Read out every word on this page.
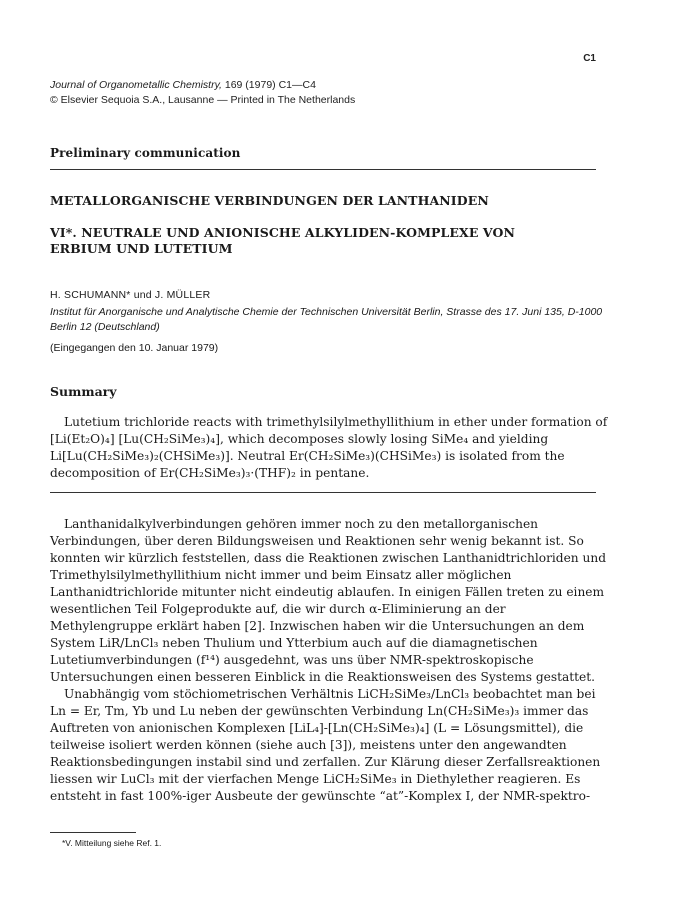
C1
Journal of Organometallic Chemistry, 169 (1979) C1—C4
© Elsevier Sequoia S.A., Lausanne — Printed in The Netherlands
Preliminary communication
METALLORGANISCHE VERBINDUNGEN DER LANTHANIDEN
VI*. NEUTRALE UND ANIONISCHE ALKYLIDEN-KOMPLEXE VON ERBIUM UND LUTETIUM
H. SCHUMANN* und J. MÜLLER
Institut für Anorganische und Analytische Chemie der Technischen Universität Berlin, Strasse des 17. Juni 135, D-1000 Berlin 12 (Deutschland)
(Eingegangen den 10. Januar 1979)
Summary
Lutetium trichloride reacts with trimethylsilylmethyllithium in ether under formation of [Li(Et₂O)₄] [Lu(CH₂SiMe₃)₄], which decomposes slowly losing SiMe₄ and yielding Li[Lu(CH₂SiMe₃)₂(CHSiMe₃)]. Neutral Er(CH₂SiMe₃)(CHSiMe₃) is isolated from the decomposition of Er(CH₂SiMe₃)₃·(THF)₂ in pentane.

Lanthanidalkylverbindungen gehören immer noch zu den metallorganischen Verbindungen, über deren Bildungsweisen und Reaktionen sehr wenig bekannt ist. So konnten wir kürzlich feststellen, dass die Reaktionen zwischen Lanthanidtrichloriden und Trimethylsilylmethyllithium nicht immer und beim Einsatz aller möglichen Lanthanidtrichloride mitunter nicht eindeutig ablaufen. In einigen Fällen treten zu einem wesentlichen Teil Folgeprodukte auf, die wir durch α-Eliminierung an der Methylengruppe erklärt haben [2]. Inzwischen haben wir die Untersuchungen an dem System LiR/LnCl₃ neben Thulium und Ytterbium auch auf die diamagnetischen Lutetiumverbindungen (f¹⁴) ausgedehnt, was uns über NMR-spektroskopische Untersuchungen einen besseren Einblick in die Reaktionsweisen des Systems gestattet.

Unabhängig vom stöchiometrischen Verhältnis LiCH₂SiMe₃/LnCl₃ beobachtet man bei Ln = Er, Tm, Yb und Lu neben der gewünschten Verbindung Ln(CH₂SiMe₃)₃ immer das Auftreten von anionischen Komplexen [LiL₄]-[Ln(CH₂SiMe₃)₄] (L = Lösungsmittel), die teilweise isoliert werden können (siehe auch [3]), meistens unter den angewandten Reaktionsbedingungen instabil sind und zerfallen. Zur Klärung dieser Zerfallsreaktionen liessen wir LuCl₃ mit der vierfachen Menge LiCH₂SiMe₃ in Diethylether reagieren. Es entsteht in fast 100%-iger Ausbeute der gewünschte “at”-Komplex I, der NMR-spektro-

*V. Mitteilung siehe Ref. 1.
